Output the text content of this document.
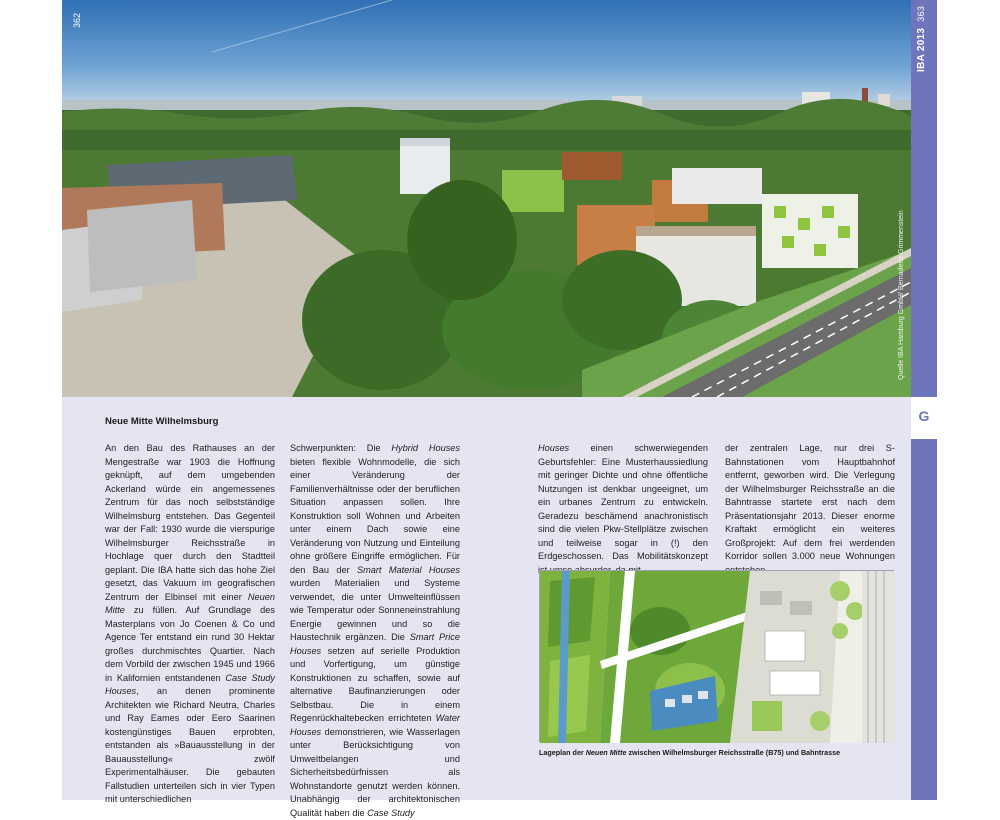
362
Quelle IBA Hamburg GmbH/ Bernadette Grimmenstein
IBA 2013363
G
Neue Mitte Wilhelmsburg

An den Bau des Rathauses an der Mengestraße war 1903 die Hoffnung geknüpft, auf dem umgebenden Ackerland würde ein angemessenes Zentrum für das noch selbstständige Wilhelmsburg entstehen. Das Gegenteil war der Fall: 1930 wurde die vierspurige Wilhelmsburger Reichsstraße in Hochlage quer durch den Stadtteil geplant. Die IBA hatte sich das hohe Ziel gesetzt, das Vakuum im geografischen Zentrum der Elbinsel mit einer Neuen Mitte zu füllen. Auf Grundlage des Masterplans von Jo Coenen & Co und Agence Ter entstand ein rund 30 Hektar großes durchmischtes Quartier. Nach dem Vorbild der zwischen 1945 und 1966 in Kalifornien entstandenen Case Study Houses, an denen prominente Architekten wie Richard Neutra, Charles und Ray Eames oder Eero Saarinen kostengünstiges Bauen erprobten, entstanden als »Bauausstellung in der Bauausstellung« zwölf Experimentalhäuser. Die gebauten Fallstudien unterteilen sich in vier Typen mit unterschiedlichen

Schwerpunkten: Die Hybrid Houses bieten flexible Wohnmodelle, die sich einer Veränderung der Familienverhältnisse oder der beruflichen Situation anpassen sollen. Ihre Konstruktion soll Wohnen und Arbeiten unter einem Dach sowie eine Veränderung von Nutzung und Einteilung ohne größere Eingriffe ermöglichen. Für den Bau der Smart Material Houses wurden Materialien und Systeme verwendet, die unter Umwelteinflüssen wie Temperatur oder Sonneneinstrahlung Energie gewinnen und so die Haustechnik ergänzen. Die Smart Price Houses setzen auf serielle Produktion und Vorfertigung, um günstige Konstruktionen zu schaffen, sowie auf alternative Baufinanzierungen oder Selbstbau. Die in einem Regenrückhaltebecken errichteten Water Houses demonstrieren, wie Wasserlagen unter Berücksichtigung von Umweltbelangen und Sicherheitsbedürfnissen als Wohnstandorte genutzt werden können. Unabhängig der architektonischen Qualität haben die Case Study

Houses einen schwerwiegenden Geburtsfehler: Eine Musterhaussiedlung mit geringer Dichte und ohne öffentliche Nutzungen ist denkbar ungeeignet, um ein urbanes Zentrum zu entwickeln. Geradezu beschämend anachronistisch sind die vielen Pkw-Stellplätze zwischen und teilweise sogar in (!) den Erdgeschossen. Das Mobilitätskonzept

der zentralen Lage, nur drei S-Bahnstationen vom Hauptbahnhof entfernt, geworben wird. Die Verlegung der Wilhelmsburger Reichsstraße an die Bahntrasse startete erst nach dem Präsentationsjahr 2013. Dieser enorme Kraftakt ermöglicht ein weiteres Großprojekt: Auf dem frei werdenden Korridor sollen 3.000 neue Wohnungen

Lageplan der Neuen Mitte zwischen Wilhelmsburger Reichsstraße (B75) und Bahntrasse
